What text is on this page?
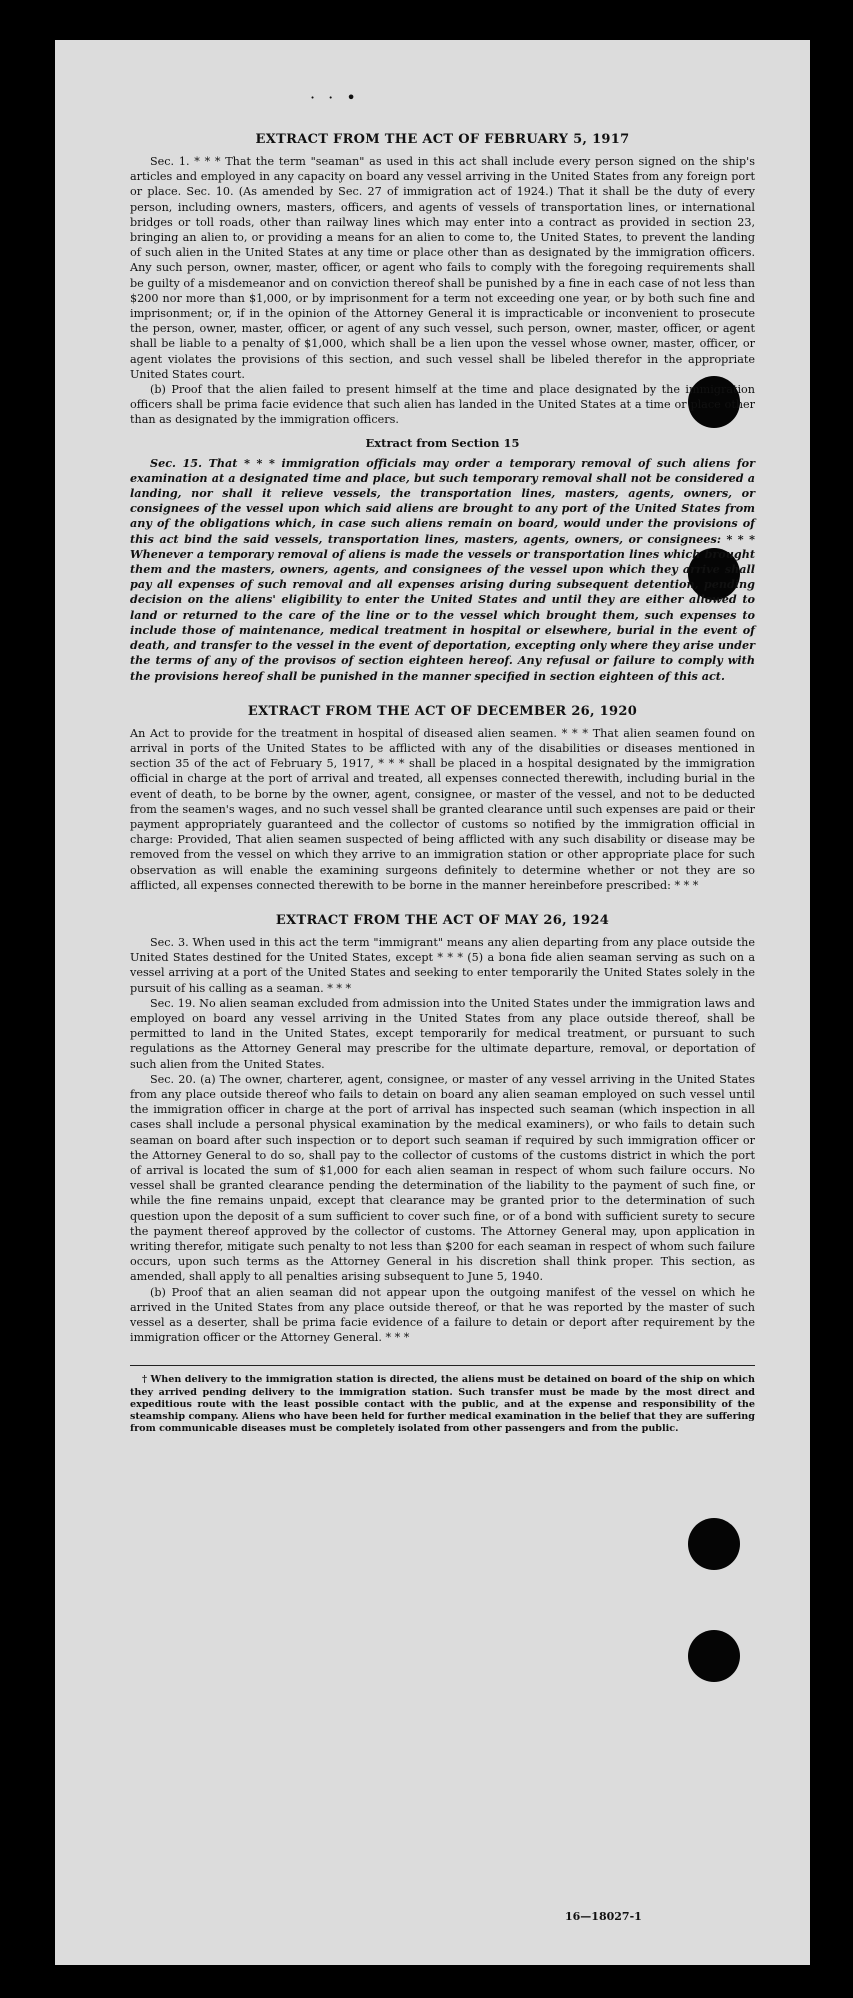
· · •
EXTRACT FROM THE ACT OF FEBRUARY 5, 1917

Sec. 1. * * * That the term "seaman" as used in this act shall include every person signed on the ship's articles and employed in any capacity on board any vessel arriving in the United States from any foreign port or place. Sec. 10. (As amended by Sec. 27 of immigration act of 1924.) That it shall be the duty of every person, including owners, masters, officers, and agents of vessels of transportation lines, or international bridges or toll roads, other than railway lines which may enter into a contract as provided in section 23, bringing an alien to, or providing a means for an alien to come to, the United States, to prevent the landing of such alien in the United States at any time or place other than as designated by the immigration officers. Any such person, owner, master, officer, or agent who fails to comply with the foregoing requirements shall be guilty of a misdemeanor and on conviction thereof shall be punished by a fine in each case of not less than $200 nor more than $1,000, or by imprisonment for a term not exceeding one year, or by both such fine and imprisonment; or, if in the opinion of the Attorney General it is impracticable or inconvenient to prosecute the person, owner, master, officer, or agent of any such vessel, such person, owner, master, officer, or agent shall be liable to a penalty of $1,000, which shall be a lien upon the vessel whose owner, master, officer, or agent violates the provisions of this section, and such vessel shall be libeled therefor in the appropriate United States court.

(b) Proof that the alien failed to present himself at the time and place designated by the immigration officers shall be prima facie evidence that such alien has landed in the United States at a time or place other than as designated by the immigration officers.

Extract from Section 15

Sec. 15. That * * * immigration officials may order a temporary removal of such aliens for examination at a designated time and place, but such temporary removal shall not be considered a landing, nor shall it relieve vessels, the transportation lines, masters, agents, owners, or consignees of the vessel upon which said aliens are brought to any port of the United States from any of the obligations which, in case such aliens remain on board, would under the provisions of this act bind the said vessels, transportation lines, masters, agents, owners, or consignees: * * * Whenever a temporary removal of aliens is made the vessels or transportation lines which brought them and the masters, owners, agents, and consignees of the vessel upon which they arrive shall pay all expenses of such removal and all expenses arising during subsequent detention, pending decision on the aliens' eligibility to enter the United States and until they are either allowed to land or returned to the care of the line or to the vessel which brought them, such expenses to include those of maintenance, medical treatment in hospital or elsewhere, burial in the event of death, and transfer to the vessel in the event of deportation, excepting only where they arise under the terms of any of the provisos of section eighteen hereof. Any refusal or failure to comply with the provisions hereof shall be punished in the manner specified in section eighteen of this act.

EXTRACT FROM THE ACT OF DECEMBER 26, 1920

An Act to provide for the treatment in hospital of diseased alien seamen. * * * That alien seamen found on arrival in ports of the United States to be afflicted with any of the disabilities or diseases mentioned in section 35 of the act of February 5, 1917, * * * shall be placed in a hospital designated by the immigration official in charge at the port of arrival and treated, all expenses connected therewith, including burial in the event of death, to be borne by the owner, agent, consignee, or master of the vessel, and not to be deducted from the seamen's wages, and no such vessel shall be granted clearance until such expenses are paid or their payment appropriately guaranteed and the collector of customs so notified by the immigration official in charge: Provided, That alien seamen suspected of being afflicted with any such disability or disease may be removed from the vessel on which they arrive to an immigration station or other appropriate place for such observation as will enable the examining surgeons definitely to determine whether or not they are so afflicted, all expenses connected therewith to be borne in the manner hereinbefore prescribed: * * *

EXTRACT FROM THE ACT OF MAY 26, 1924

Sec. 3. When used in this act the term "immigrant" means any alien departing from any place outside the United States destined for the United States, except * * * (5) a bona fide alien seaman serving as such on a vessel arriving at a port of the United States and seeking to enter temporarily the United States solely in the pursuit of his calling as a seaman. * * *

Sec. 19. No alien seaman excluded from admission into the United States under the immigration laws and employed on board any vessel arriving in the United States from any place outside thereof, shall be permitted to land in the United States, except temporarily for medical treatment, or pursuant to such regulations as the Attorney General may prescribe for the ultimate departure, removal, or deportation of such alien from the United States.

Sec. 20. (a) The owner, charterer, agent, consignee, or master of any vessel arriving in the United States from any place outside thereof who fails to detain on board any alien seaman employed on such vessel until the immigration officer in charge at the port of arrival has inspected such seaman (which inspection in all cases shall include a personal physical examination by the medical examiners), or who fails to detain such seaman on board after such inspection or to deport such seaman if required by such immigration officer or the Attorney General to do so, shall pay to the collector of customs of the customs district in which the port of arrival is located the sum of $1,000 for each alien seaman in respect of whom such failure occurs. No vessel shall be granted clearance pending the determination of the liability to the payment of such fine, or while the fine remains unpaid, except that clearance may be granted prior to the determination of such question upon the deposit of a sum sufficient to cover such fine, or of a bond with sufficient surety to secure the payment thereof approved by the collector of customs. The Attorney General may, upon application in writing therefor, mitigate such penalty to not less than $200 for each seaman in respect of whom such failure occurs, upon such terms as the Attorney General in his discretion shall think proper. This section, as amended, shall apply to all penalties arising subsequent to June 5, 1940.

(b) Proof that an alien seaman did not appear upon the outgoing manifest of the vessel on which he arrived in the United States from any place outside thereof, or that he was reported by the master of such vessel as a deserter, shall be prima facie evidence of a failure to detain or deport after requirement by the immigration officer or the Attorney General. * * *

† When delivery to the immigration station is directed, the aliens must be detained on board of the ship on which they arrived pending delivery to the immigration station. Such transfer must be made by the most direct and expeditious route with the least possible contact with the public, and at the expense and responsibility of the steamship company. Aliens who have been held for further medical examination in the belief that they are suffering from communicable diseases must be completely isolated from other passengers and from the public.
16—18027-1
